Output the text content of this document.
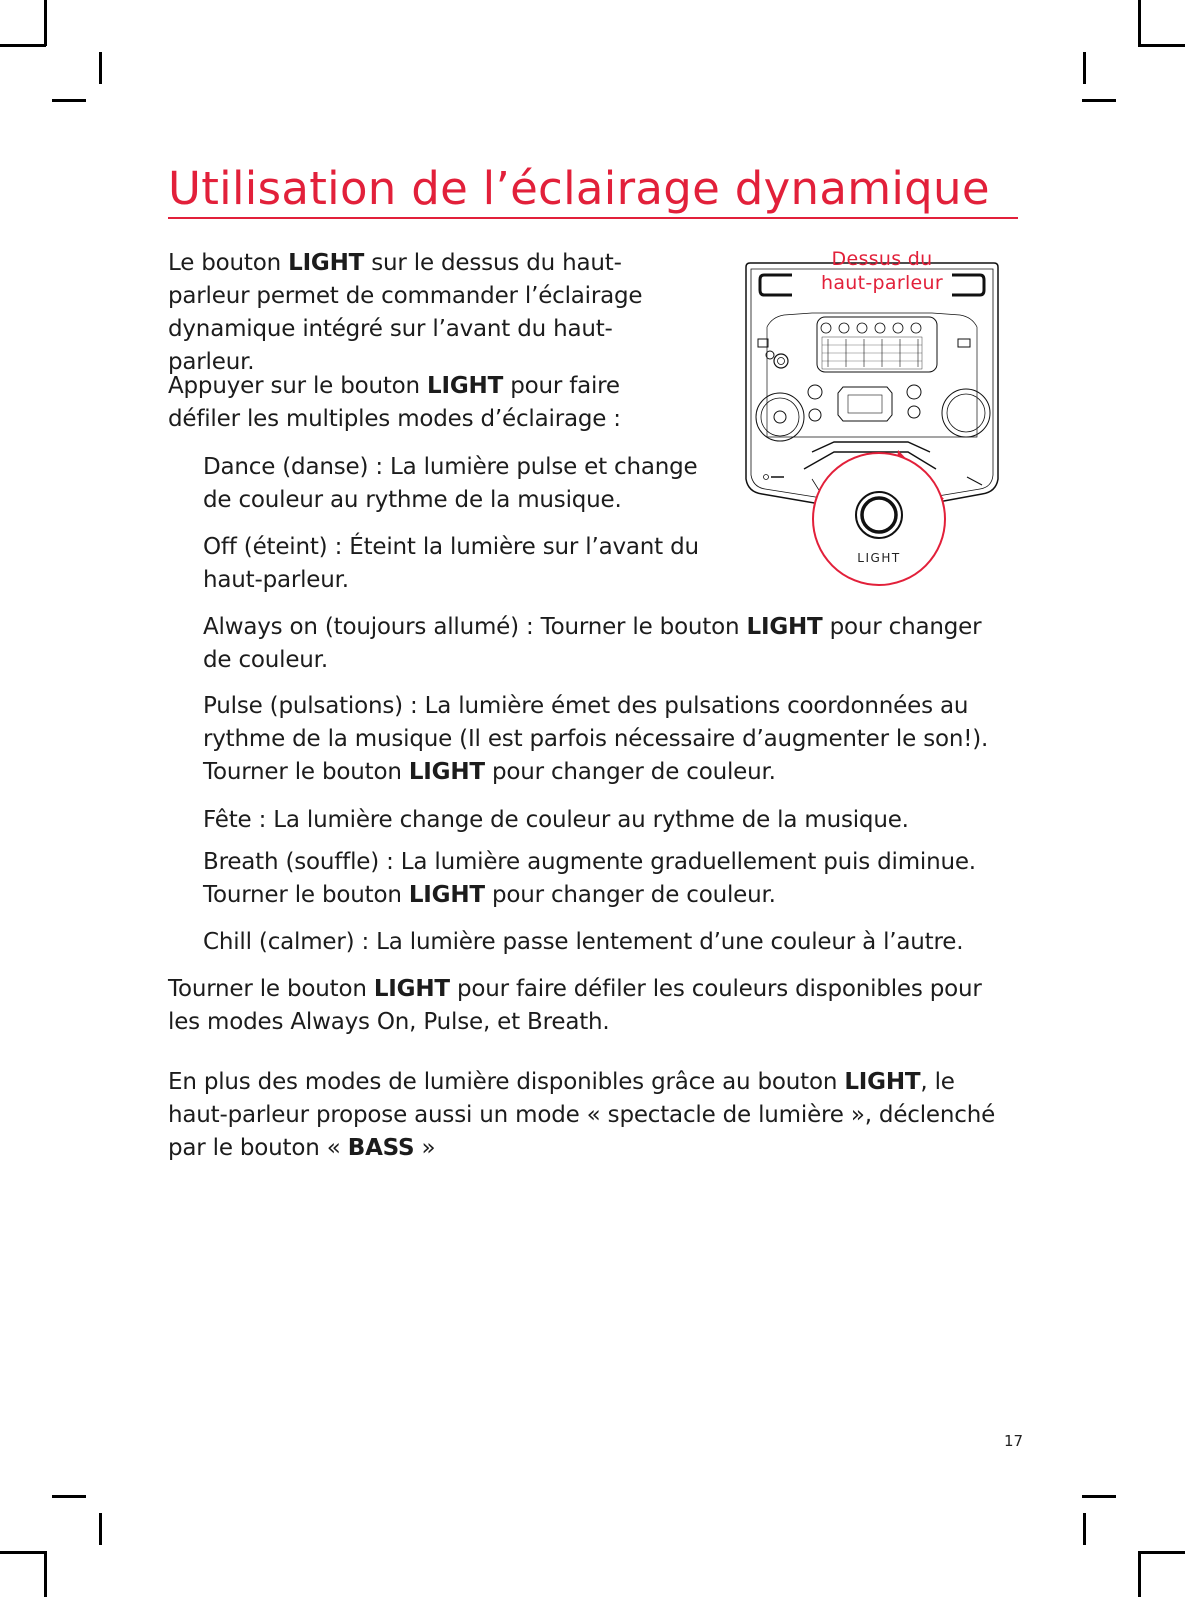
Utilisation de l’éclairage dynamique

Le bouton LIGHT sur le dessus du haut-parleur permet de commander l’éclairage dynamique intégré sur l’avant du haut-parleur.

Appuyer sur le bouton LIGHT pour faire défiler les multiples modes d’éclairage :

Dance (danse) : La lumière pulse et change de couleur au rythme de la musique.

Off (éteint) : Éteint la lumière sur l’avant du haut-parleur.

Always on (toujours allumé) : Tourner le bouton LIGHT pour changer de couleur.

Pulse (pulsations) : La lumière émet des pulsations coordonnées au rythme de la musique (Il est parfois nécessaire d’augmenter le son!). Tourner le bouton LIGHT pour changer de couleur.

Fête : La lumière change de couleur au rythme de la musique.

Breath (souffle) : La lumière augmente graduellement puis diminue. Tourner le bouton LIGHT pour changer de couleur.

Chill (calmer) : La lumière passe lentement d’une couleur à l’autre.

Tourner le bouton LIGHT pour faire défiler les couleurs disponibles pour les modes Always On, Pulse, et Breath.

En plus des modes de lumière disponibles grâce au bouton LIGHT, le haut-parleur propose aussi un mode « spectacle de lumière », déclenché par le bouton « BASS »

Dessus du
haut-parleur
LIGHT
17
